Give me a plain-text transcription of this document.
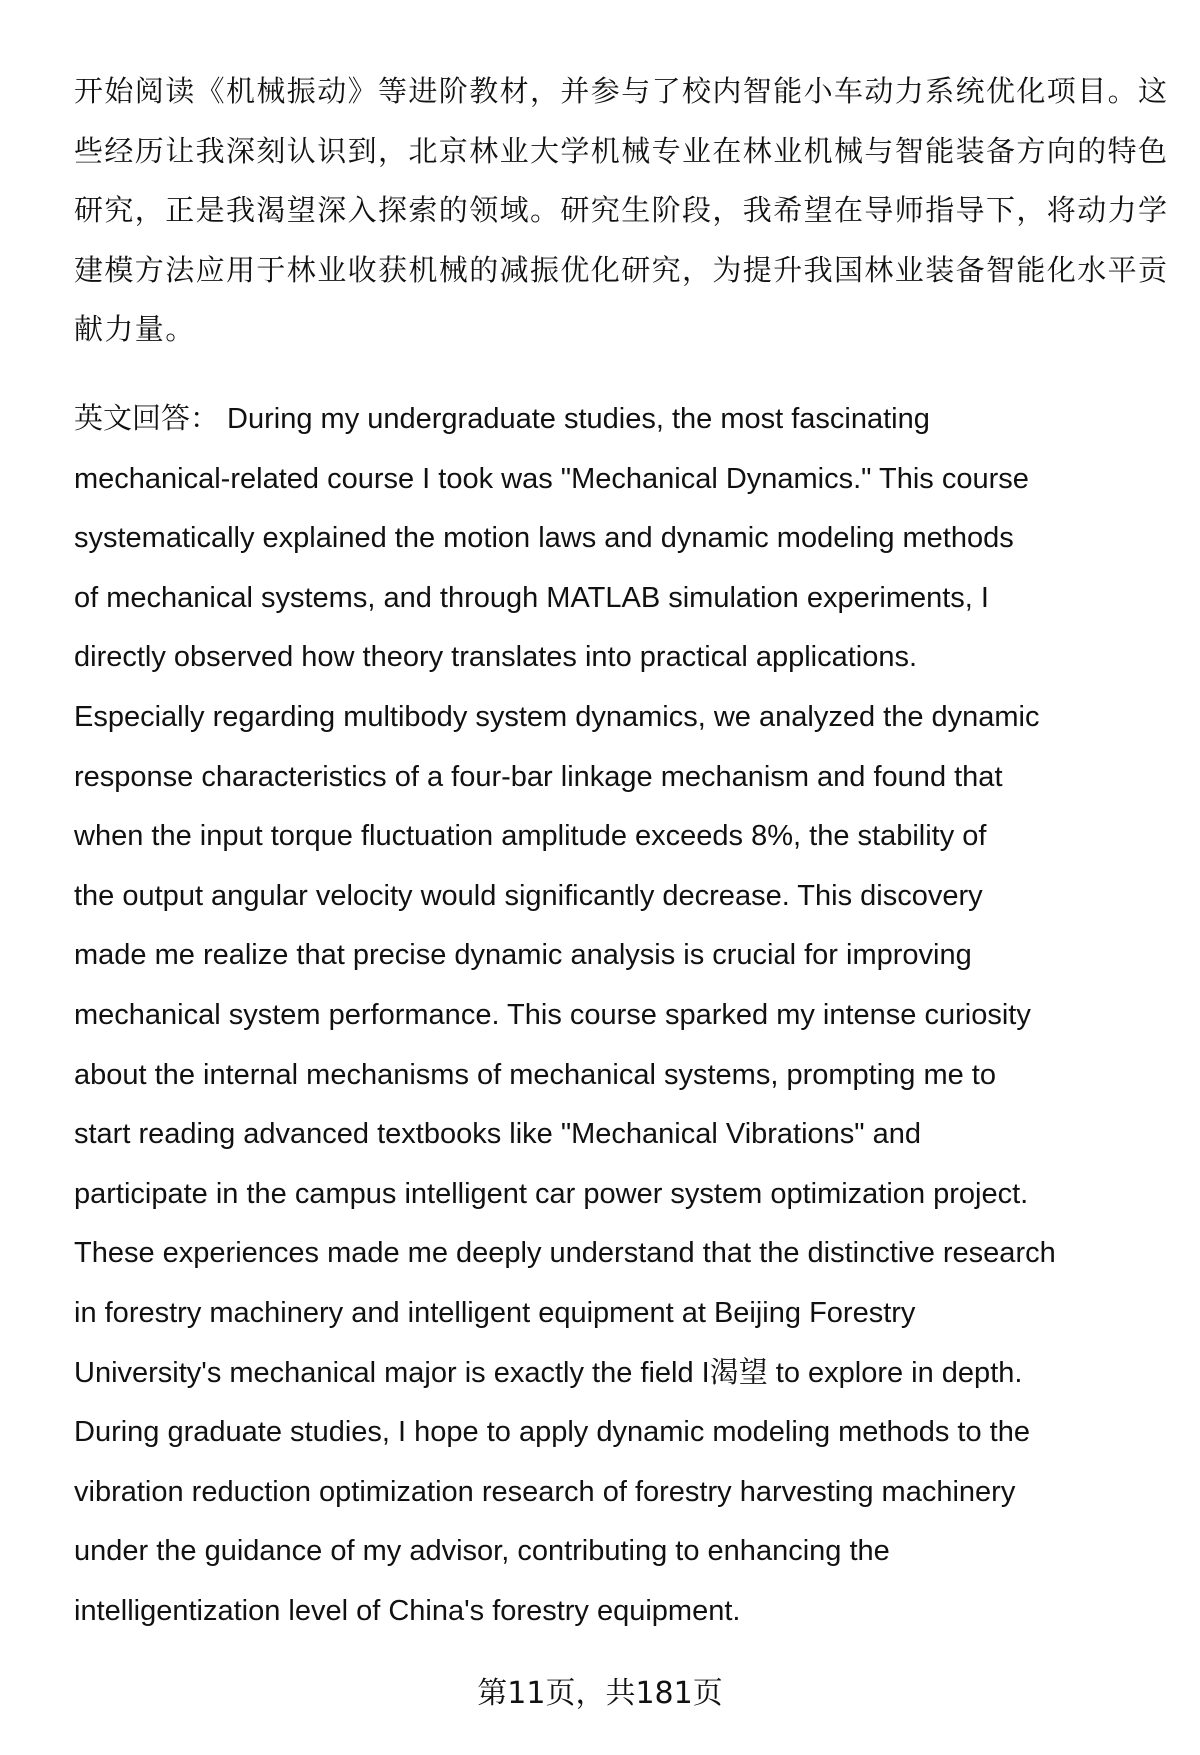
开始阅读《机械振动》等进阶教材，并参与了校内智能小车动力系统优化项目。这
些经历让我深刻认识到，北京林业大学机械专业在林业机械与智能装备方向的特色
研究，正是我渴望深入探索的领域。研究生阶段，我希望在导师指导下，将动力学
建模方法应用于林业收获机械的减振优化研究，为提升我国林业装备智能化水平贡
献力量。
英文回答： During my undergraduate studies, the most fascinating
mechanical-related course I took was "Mechanical Dynamics." This course
systematically explained the motion laws and dynamic modeling methods
of mechanical systems, and through MATLAB simulation experiments, I
directly observed how theory translates into practical applications.
Especially regarding multibody system dynamics, we analyzed the dynamic
response characteristics of a four-bar linkage mechanism and found that
when the input torque fluctuation amplitude exceeds 8%, the stability of
the output angular velocity would significantly decrease. This discovery
made me realize that precise dynamic analysis is crucial for improving
mechanical system performance. This course sparked my intense curiosity
about the internal mechanisms of mechanical systems, prompting me to
start reading advanced textbooks like "Mechanical Vibrations" and
participate in the campus intelligent car power system optimization project.
These experiences made me deeply understand that the distinctive research
in forestry machinery and intelligent equipment at Beijing Forestry
University's mechanical major is exactly the field I渴望 to explore in depth.
During graduate studies, I hope to apply dynamic modeling methods to the
vibration reduction optimization research of forestry harvesting machinery
under the guidance of my advisor, contributing to enhancing the
intelligentization level of China's forestry equipment.
第11页，共181页
